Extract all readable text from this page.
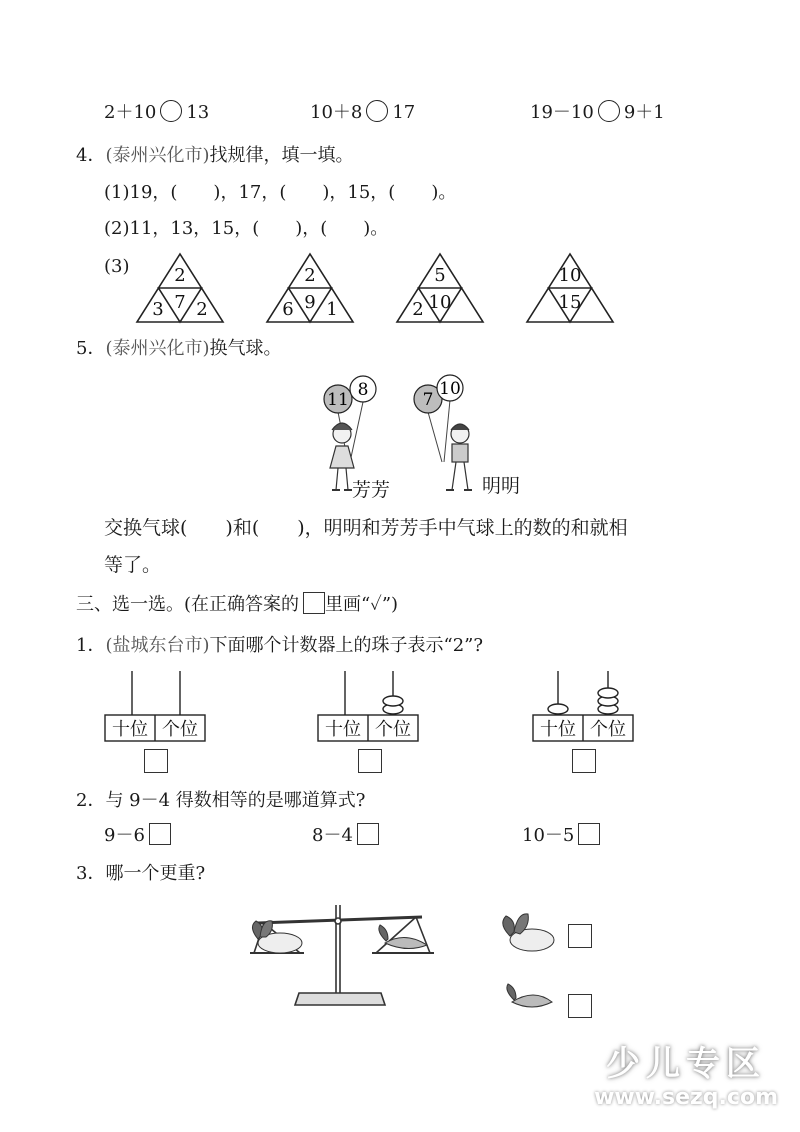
2＋10 13	10＋8 17	19－10 9＋1
4．(泰州兴化市)找规律，填一填。
(1)19，(　　)，17，(　　)，15，(　　)。
(2)11，13，15，(　　)，(　　)。
(3) 2
3 7 2
2
6 9 1
5
2 10
10
15
5．(泰州兴化市)换气球。
11 8	7
10
芳芳	明明
交换气球(　　)和(　　)，明明和芳芳手中气球上的数的和就相
等了。
三、选一选。(在正确答案的 里画“✓”)
1．(盐城东台市)下面哪个计数器上的珠子表示“2”?
十位 个位	十位 个位	十位 个位
2．与 9－4 得数相等的是哪道算式?
9－6	8－4	10－5
3．哪一个更重?
少儿专区
www.sezq.com
